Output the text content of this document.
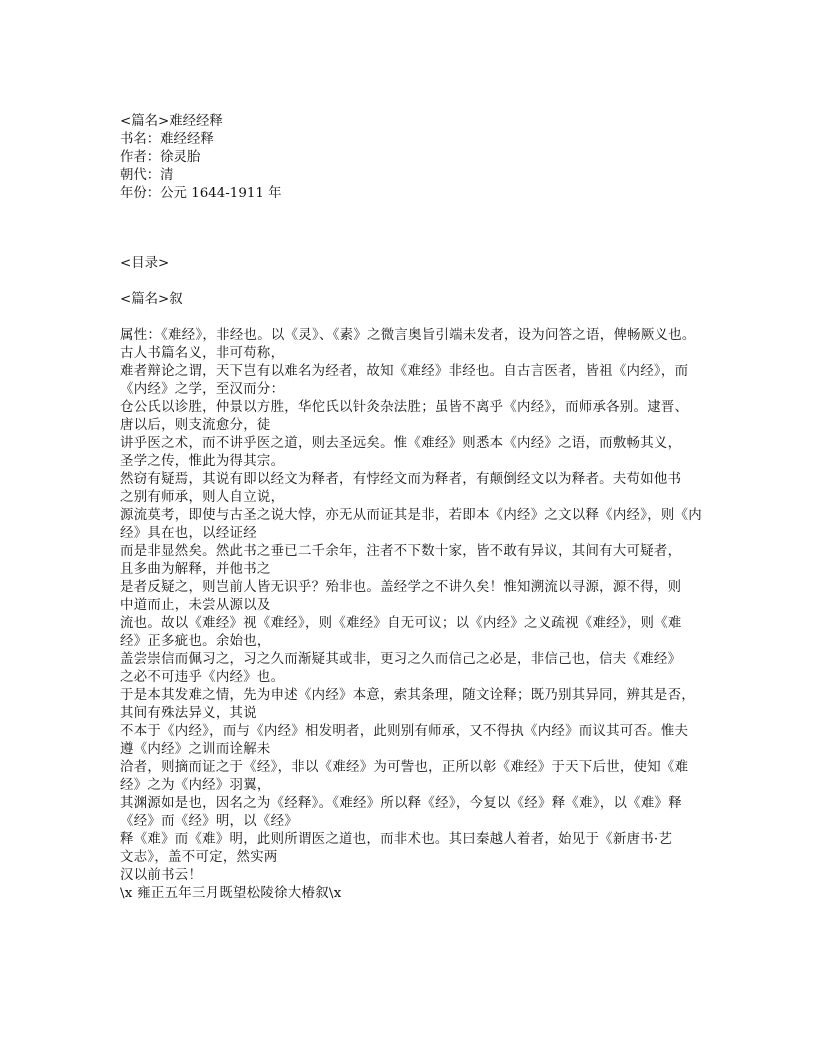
<篇名>难经经释
书名：难经经释
作者：徐灵胎
朝代：清
年份：公元 1644-1911 年
<目录>
<篇名>叙
属性：《难经》，非经也。以《灵》、《素》之微言奥旨引端未发者，设为问答之语，俾畅厥义也。
古人书篇名义，非可苟称，
难者辩论之谓，天下岂有以难名为经者，故知《难经》非经也。自古言医者，皆祖《内经》，而
《内经》之学，至汉而分：
仓公氏以诊胜，仲景以方胜，华佗氏以针灸杂法胜；虽皆不离乎《内经》，而师承各别。逮晋、
唐以后，则支流愈分，徒
讲乎医之术，而不讲乎医之道，则去圣远矣。惟《难经》则悉本《内经》之语，而敷畅其义，
圣学之传，惟此为得其宗。
然窃有疑焉，其说有即以经文为释者，有悖经文而为释者，有颠倒经文以为释者。夫苟如他书
之别有师承，则人自立说，
源流莫考，即使与古圣之说大悖，亦无从而证其是非，若即本《内经》之文以释《内经》，则《内
经》具在也，以经证经
而是非显然矣。然此书之垂已二千余年，注者不下数十家，皆不敢有异议，其间有大可疑者，
且多曲为解释，并他书之
是者反疑之，则岂前人皆无识乎？殆非也。盖经学之不讲久矣！惟知溯流以寻源，源不得，则
中道而止，未尝从源以及
流也。故以《难经》视《难经》，则《难经》自无可议；以《内经》之义疏视《难经》，则《难
经》正多疵也。余始也，
盖尝崇信而佩习之，习之久而渐疑其或非，更习之久而信己之必是，非信己也，信夫《难经》
之必不可违乎《内经》也。
于是本其发难之情，先为申述《内经》本意，索其条理，随文诠释；既乃别其异同，辨其是否，
其间有殊法异义，其说
不本于《内经》，而与《内经》相发明者，此则别有师承，又不得执《内经》而议其可否。惟夫
遵《内经》之训而诠解未
洽者，则摘而证之于《经》，非以《难经》为可訾也，正所以彰《难经》于天下后世，使知《难
经》之为《内经》羽翼，
其渊源如是也，因名之为《经释》。《难经》所以释《经》，今复以《经》释《难》，以《难》释
《经》而《经》明，以《经》
释《难》而《难》明，此则所谓医之道也，而非术也。其曰秦越人着者，始见于《新唐书·艺
文志》，盖不可定，然实两
汉以前书云！
\x 雍正五年三月既望松陵徐大椿叙\x
